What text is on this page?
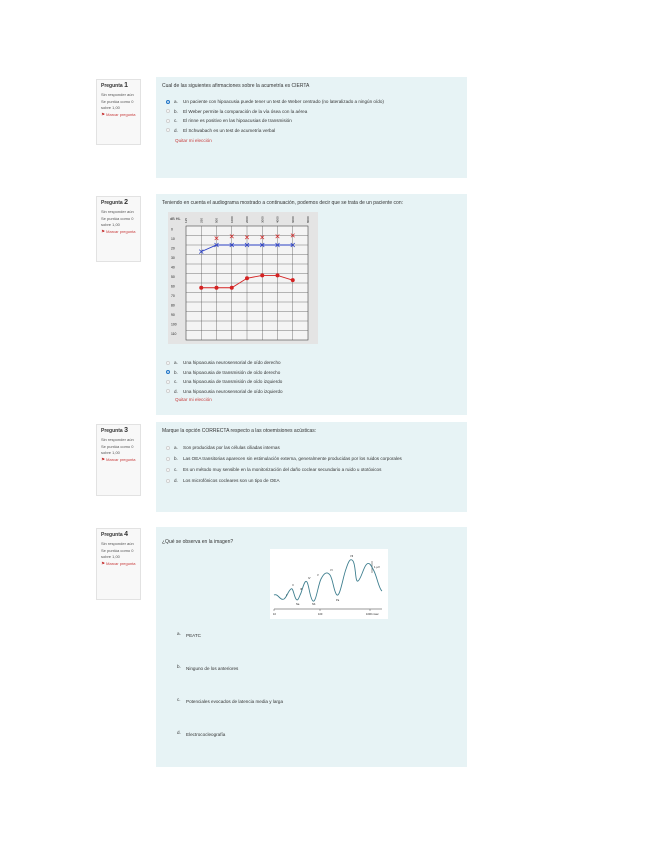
Pregunta 1
Sin responder aún
Se puntúa como 0 sobre 1,00
⚑ Marcar pregunta
Cual de las siguientes afirmaciones sobre la acumetría es CIERTA
a. Un paciente con hipoacusia puede tener un test de Weber centrado (no lateralizado a ningún oído)
b. El Weber permite la comparación de la vía ósea con la aérea
c. El rinne es positivo en las hipoacusias de transmisión
d. El Schwabach es un test de acumetría verbal
Quitar mi elección
Pregunta 2
Sin responder aún
Se puntúa como 0 sobre 1,00
⚑ Marcar pregunta
Teniendo en cuenta el audiograma mostrado a continuación, podemos decir que se trata de un paciente con:
dB HL
0
10
20
30
40
50
60
70
80
90
100
110
125	250	500	1000	2000	3000	4000	6000	8000
a. Una hipoacusia neurosensorial de oído derecho
b. Una hipoacusia de transmisión de oído derecho
c. Una hipoacusia de transmisión de oído izquierdo
d. Una hipoacusia neurosensorial de oído izquierdo
Quitar mi elección
Pregunta 3
Sin responder aún
Se puntúa como 0 sobre 1,00
⚑ Marcar pregunta
Marque la opción CORRECTA respecto a las otoemisiones acústicas:
a. Son producidas por las células ciliadas internas
b. Las OEA transitorias aparecen sin estimulación externa, generalmente producidas por los ruidos corporales
c. Es un método muy sensible en la monitorización del daño coclear secundario a ruido u ototóxicos
d. Los microfónicos cocleares son un tipo de OEA
Pregunta 4
Sin responder aún
Se puntúa como 0 sobre 1,00
⚑ Marcar pregunta
¿Qué se observa en la imagen?
I
II
III
IV
V
VI
VII
Na	Nb
Pa
1 µV
10	100	1000 msec
a. PEATC
b. Ninguno de los anteriores
c. Potenciales evocados de latencia media y larga
d. Electrococleografía
